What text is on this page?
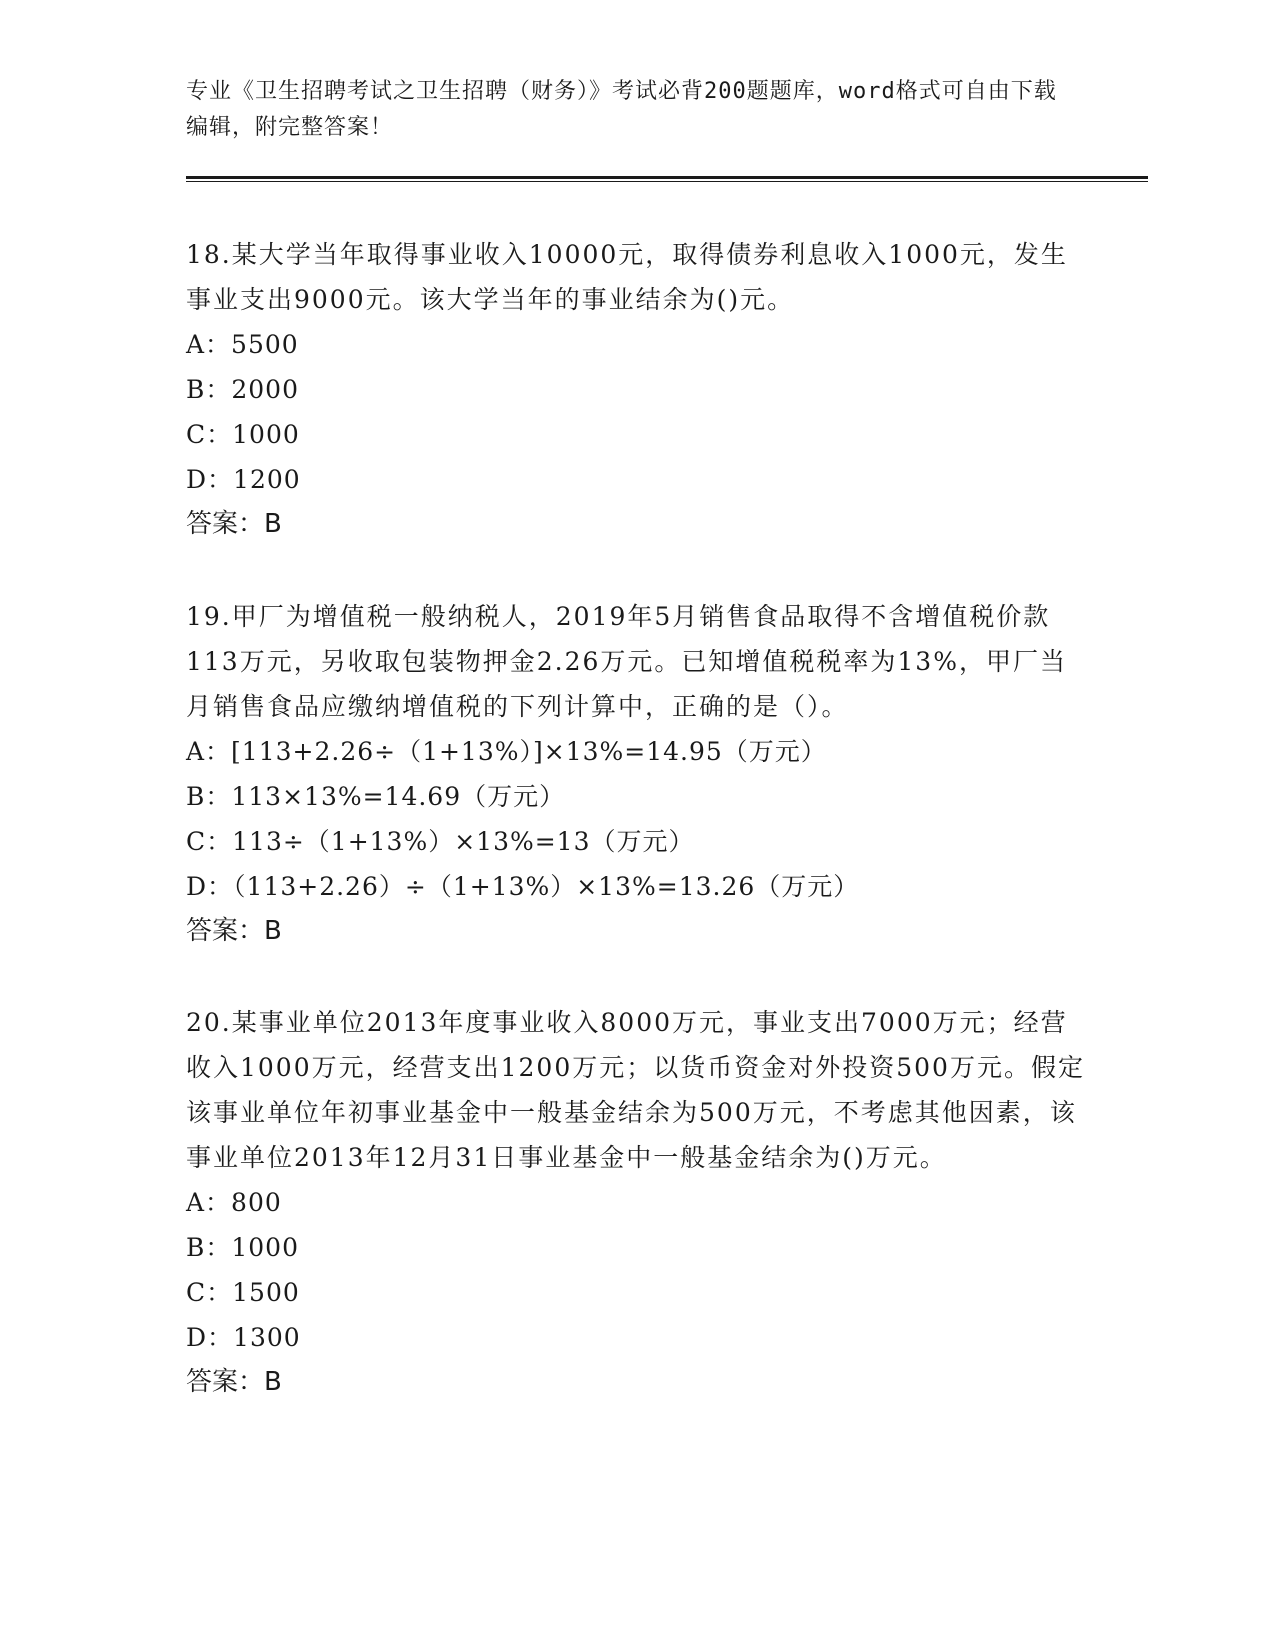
专业《卫生招聘考试之卫生招聘（财务）》考试必背200题题库，word格式可自由下载编辑，附完整答案！

18.某大学当年取得事业收入10000元，取得债券利息收入1000元，发生事业支出9000元。该大学当年的事业结余为()元。

A：5500

B：2000

C：1000

D：1200

答案：B

19.甲厂为增值税一般纳税人，2019年5月销售食品取得不含增值税价款113万元，另收取包装物押金2.26万元。已知增值税税率为13%，甲厂当月销售食品应缴纳增值税的下列计算中，正确的是（）。

A：[113+2.26÷（1+13%）]×13%=14.95（万元）

B：113×13%=14.69（万元）

C：113÷（1+13%）×13%=13（万元）

D：（113+2.26）÷（1+13%）×13%=13.26（万元）

答案：B

20.某事业单位2013年度事业收入8000万元，事业支出7000万元；经营收入1000万元，经营支出1200万元；以货币资金对外投资500万元。假定该事业单位年初事业基金中一般基金结余为500万元，不考虑其他因素，该事业单位2013年12月31日事业基金中一般基金结余为()万元。

A：800

B：1000

C：1500

D：1300

答案：B
